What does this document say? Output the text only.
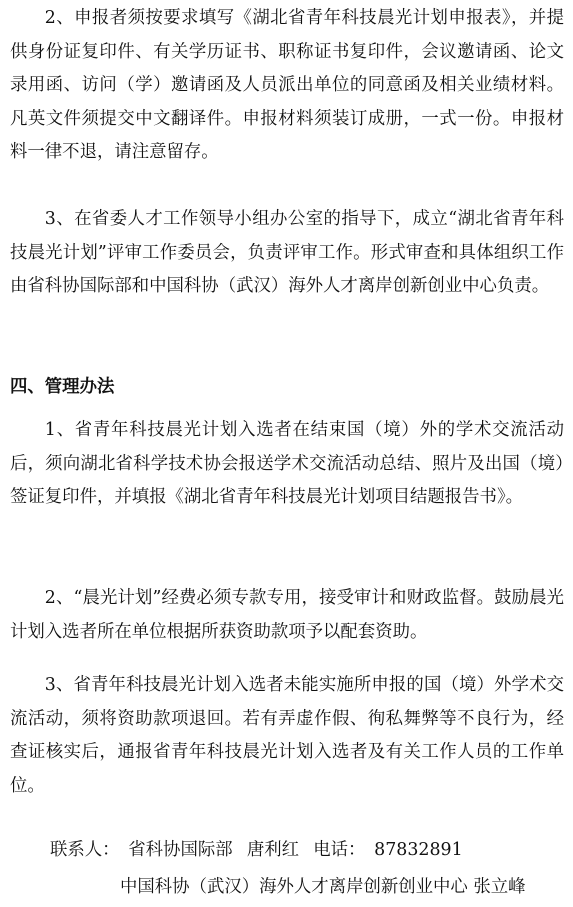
2、申报者须按要求填写《湖北省青年科技晨光计划申报表》，并提供身份证复印件、有关学历证书、职称证书复印件，会议邀请函、论文录用函、访问（学）邀请函及人员派出单位的同意函及相关业绩材料。凡英文件须提交中文翻译件。申报材料须装订成册，一式一份。申报材料一律不退，请注意留存。

3、在省委人才工作领导小组办公室的指导下，成立“湖北省青年科技晨光计划”评审工作委员会，负责评审工作。形式审查和具体组织工作由省科协国际部和中国科协（武汉）海外人才离岸创新创业中心负责。

四、管理办法

1、省青年科技晨光计划入选者在结束国（境）外的学术交流活动后，须向湖北省科学技术协会报送学术交流活动总结、照片及出国（境）签证复印件，并填报《湖北省青年科技晨光计划项目结题报告书》。

2、“晨光计划”经费必须专款专用，接受审计和财政监督。鼓励晨光计划入选者所在单位根据所获资助款项予以配套资助。

3、省青年科技晨光计划入选者未能实施所申报的国（境）外学术交流活动，须将资助款项退回。若有弄虚作假、徇私舞弊等不良行为，经查证核实后，通报省青年科技晨光计划入选者及有关工作人员的工作单位。

联系人： 省科协国际部 唐利红 电话： 87832891
中国科协（武汉）海外人才离岸创新创业中心 张立峰
